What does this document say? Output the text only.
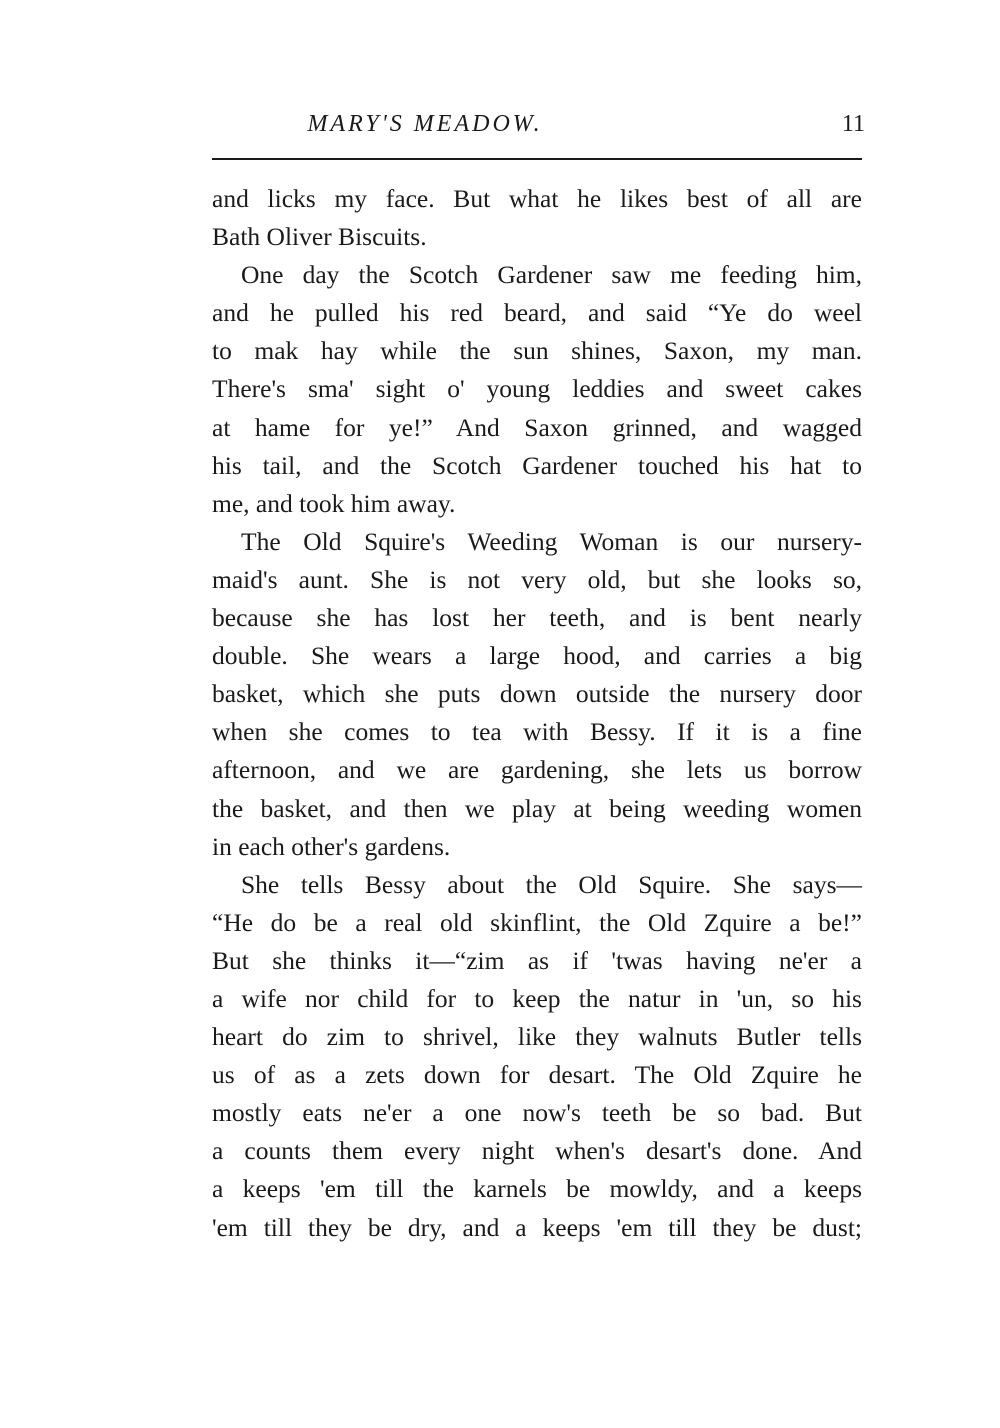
MARY'S MEADOW.	11
and licks my face. But what he likes best of all are
Bath Oliver Biscuits.
One day the Scotch Gardener saw me feeding him,
and he pulled his red beard, and said “Ye do weel
to mak hay while the sun shines, Saxon, my man.
There's sma' sight o' young leddies and sweet cakes
at hame for ye!” And Saxon grinned, and wagged
his tail, and the Scotch Gardener touched his hat to
me, and took him away.
The Old Squire's Weeding Woman is our nursery-
maid's aunt. She is not very old, but she looks so,
because she has lost her teeth, and is bent nearly
double. She wears a large hood, and carries a big
basket, which she puts down outside the nursery door
when she comes to tea with Bessy. If it is a fine
afternoon, and we are gardening, she lets us borrow
the basket, and then we play at being weeding women
in each other's gardens.
She tells Bessy about the Old Squire. She says—
“He do be a real old skinflint, the Old Zquire a be!”
But she thinks it—“zim as if 'twas having ne'er a
a wife nor child for to keep the natur in 'un, so his
heart do zim to shrivel, like they walnuts Butler tells
us of as a zets down for desart. The Old Zquire he
mostly eats ne'er a one now's teeth be so bad. But
a counts them every night when's desart's done. And
a keeps 'em till the karnels be mowldy, and a keeps
'em till they be dry, and a keeps 'em till they be dust;
